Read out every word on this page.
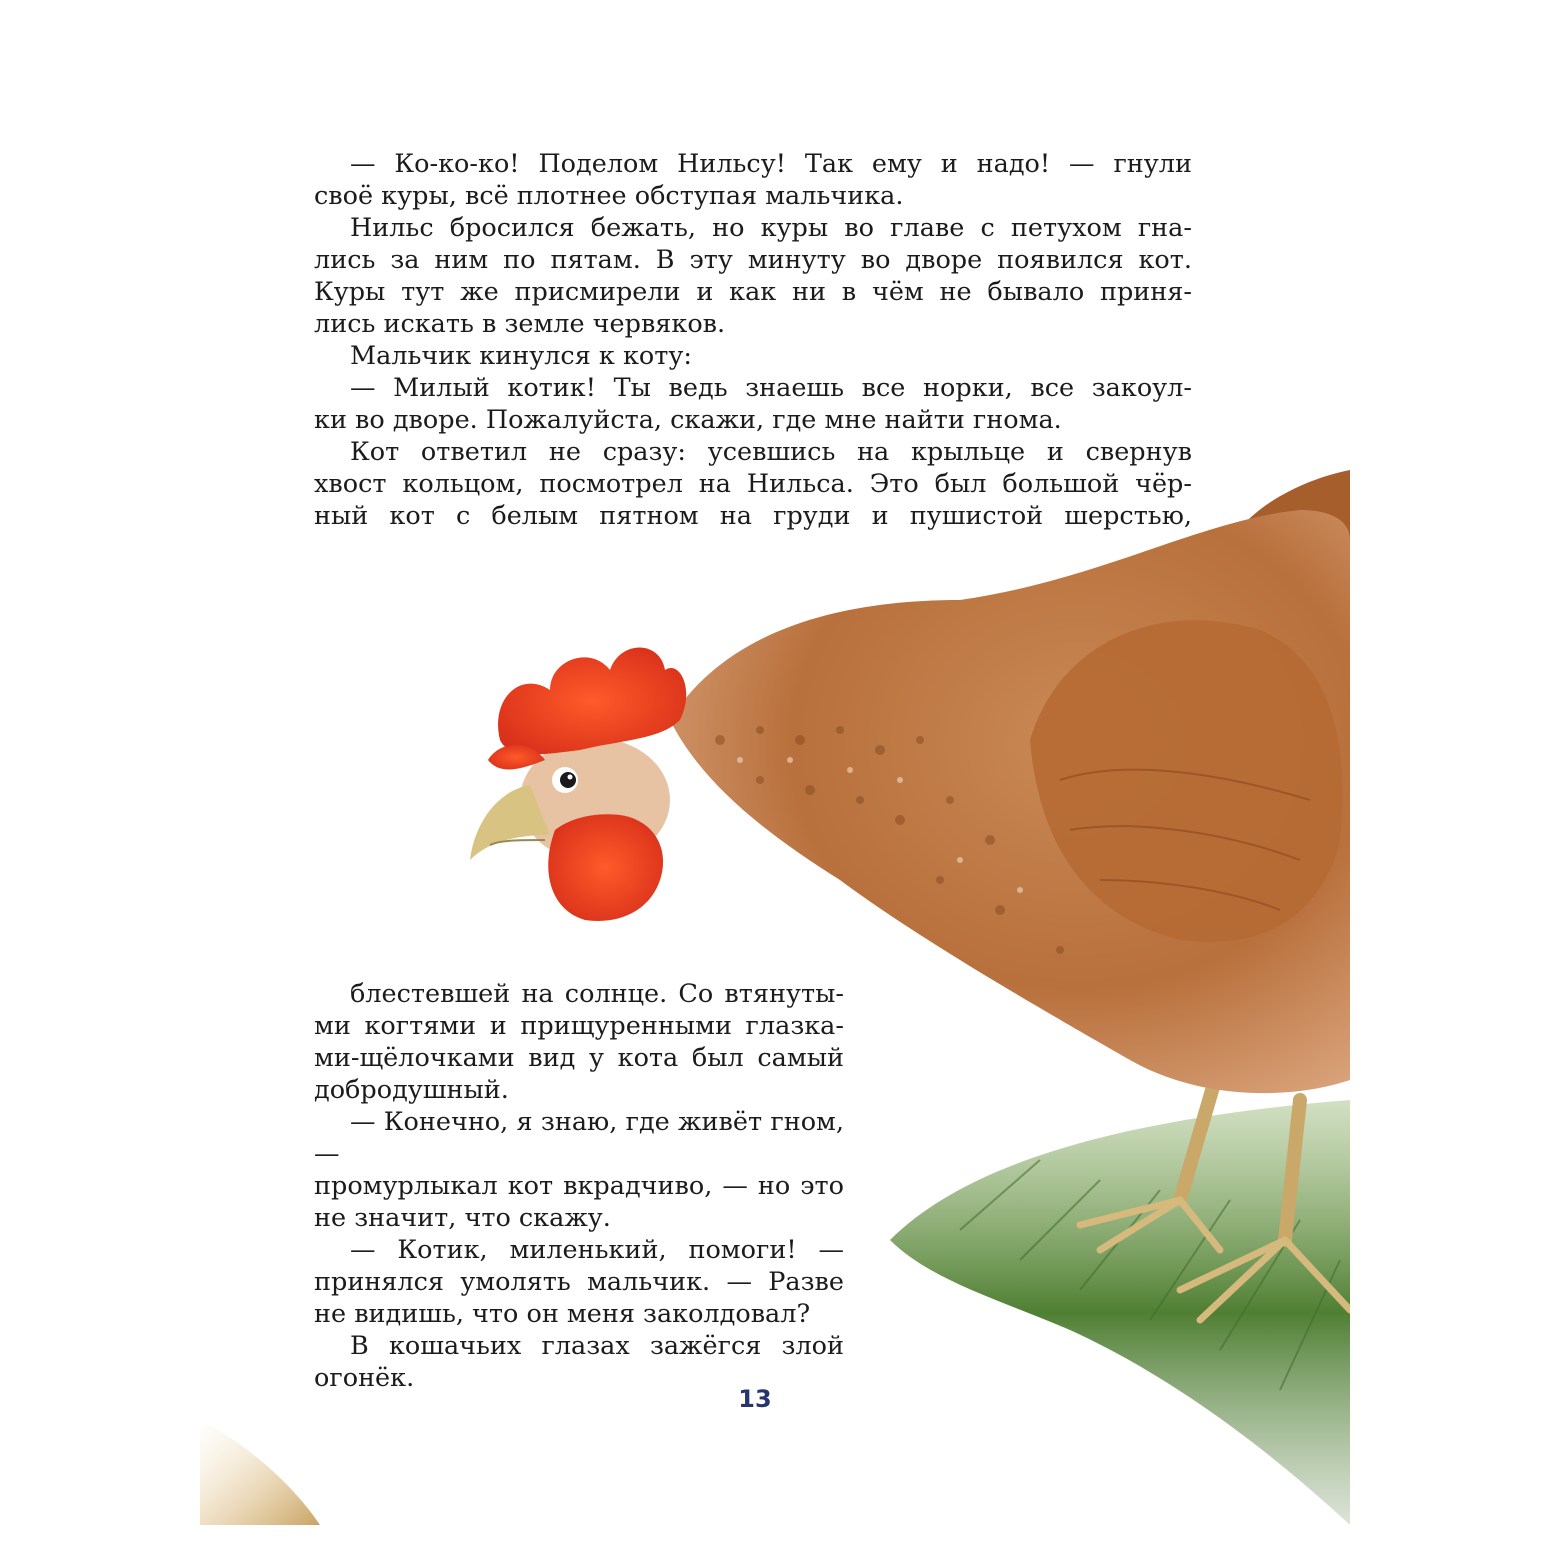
— Ко-ко-ко! Поделом Нильсу! Так ему и надо! — гнули

своё куры, всё плотнее обступая мальчика.

Нильс бросился бежать, но куры во главе с петухом гна-

лись за ним по пятам. В эту минуту во дворе появился кот.

Куры тут же присмирели и как ни в чём не бывало приня-

лись искать в земле червяков.

Мальчик кинулся к коту:

— Милый котик! Ты ведь знаешь все норки, все закоул-

ки во дворе. Пожалуйста, скажи, где мне найти гнома.

Кот ответил не сразу: усевшись на крыльце и свернув

хвост кольцом, посмотрел на Нильса. Это был большой чёр-

ный кот с белым пятном на груди и пушистой шерстью,

блестевшей на солнце. Со втянуты-

ми когтями и прищуренными глазка-

ми-щёлочками вид у кота был самый

добродушный.

— Конечно, я знаю, где живёт гном, —

промурлыкал кот вкрадчиво, — но это

не значит, что скажу.

— Котик, миленький, помоги! —

принялся умолять мальчик. — Разве

не видишь, что он меня заколдовал?

В кошачьих глазах зажёгся злой

огонёк.

13
